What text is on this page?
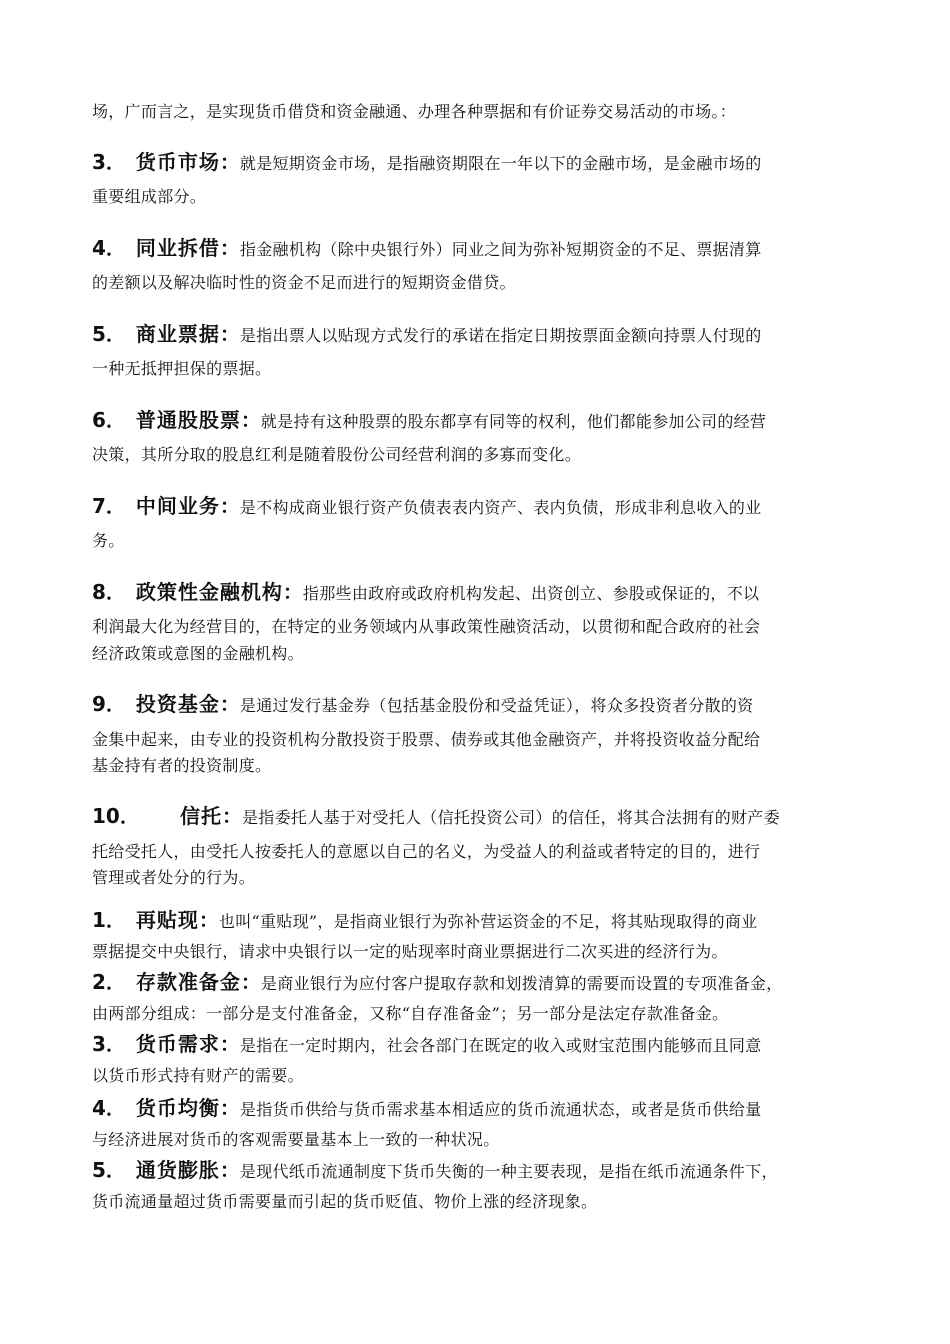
场，广而言之，是实现货币借贷和资金融通、办理各种票据和有价证券交易活动的市场。：
3． 货币市场：就是短期资金市场，是指融资期限在一年以下的金融市场，是金融市场的
重要组成部分。
4． 同业拆借：指金融机构（除中央银行外）同业之间为弥补短期资金的不足、票据清算
的差额以及解决临时性的资金不足而进行的短期资金借贷。
5． 商业票据：是指出票人以贴现方式发行的承诺在指定日期按票面金额向持票人付现的
一种无抵押担保的票据。
6． 普通股股票：就是持有这种股票的股东都享有同等的权利，他们都能参加公司的经营
决策，其所分取的股息红利是随着股份公司经营利润的多寡而变化。
7． 中间业务：是不构成商业银行资产负债表表内资产、表内负债，形成非利息收入的业
务。
8． 政策性金融机构：指那些由政府或政府机构发起、出资创立、参股或保证的，不以
利润最大化为经营目的，在特定的业务领域内从事政策性融资活动，以贯彻和配合政府的社会
经济政策或意图的金融机构。
9． 投资基金：是通过发行基金券（包括基金股份和受益凭证），将众多投资者分散的资
金集中起来，由专业的投资机构分散投资于股票、债券或其他金融资产，并将投资收益分配给
基金持有者的投资制度。
10． 信托：是指委托人基于对受托人（信托投资公司）的信任，将其合法拥有的财产委
托给受托人，由受托人按委托人的意愿以自己的名义，为受益人的利益或者特定的目的，进行
管理或者处分的行为。
1． 再贴现：也叫“重贴现”，是指商业银行为弥补营运资金的不足，将其贴现取得的商业
票据提交中央银行，请求中央银行以一定的贴现率时商业票据进行二次买进的经济行为。
2． 存款准备金：是商业银行为应付客户提取存款和划拨清算的需要而设置的专项准备金，
由两部分组成：一部分是支付准备金，又称“自存准备金”；另一部分是法定存款准备金。
3． 货币需求：是指在一定时期内，社会各部门在既定的收入或财宝范围内能够而且同意
以货币形式持有财产的需要。
4． 货币均衡：是指货币供给与货币需求基本相适应的货币流通状态，或者是货币供给量
与经济进展对货币的客观需要量基本上一致的一种状况。
5． 通货膨胀：是现代纸币流通制度下货币失衡的一种主要表现，是指在纸币流通条件下，
货币流通量超过货币需要量而引起的货币贬值、物价上涨的经济现象。
